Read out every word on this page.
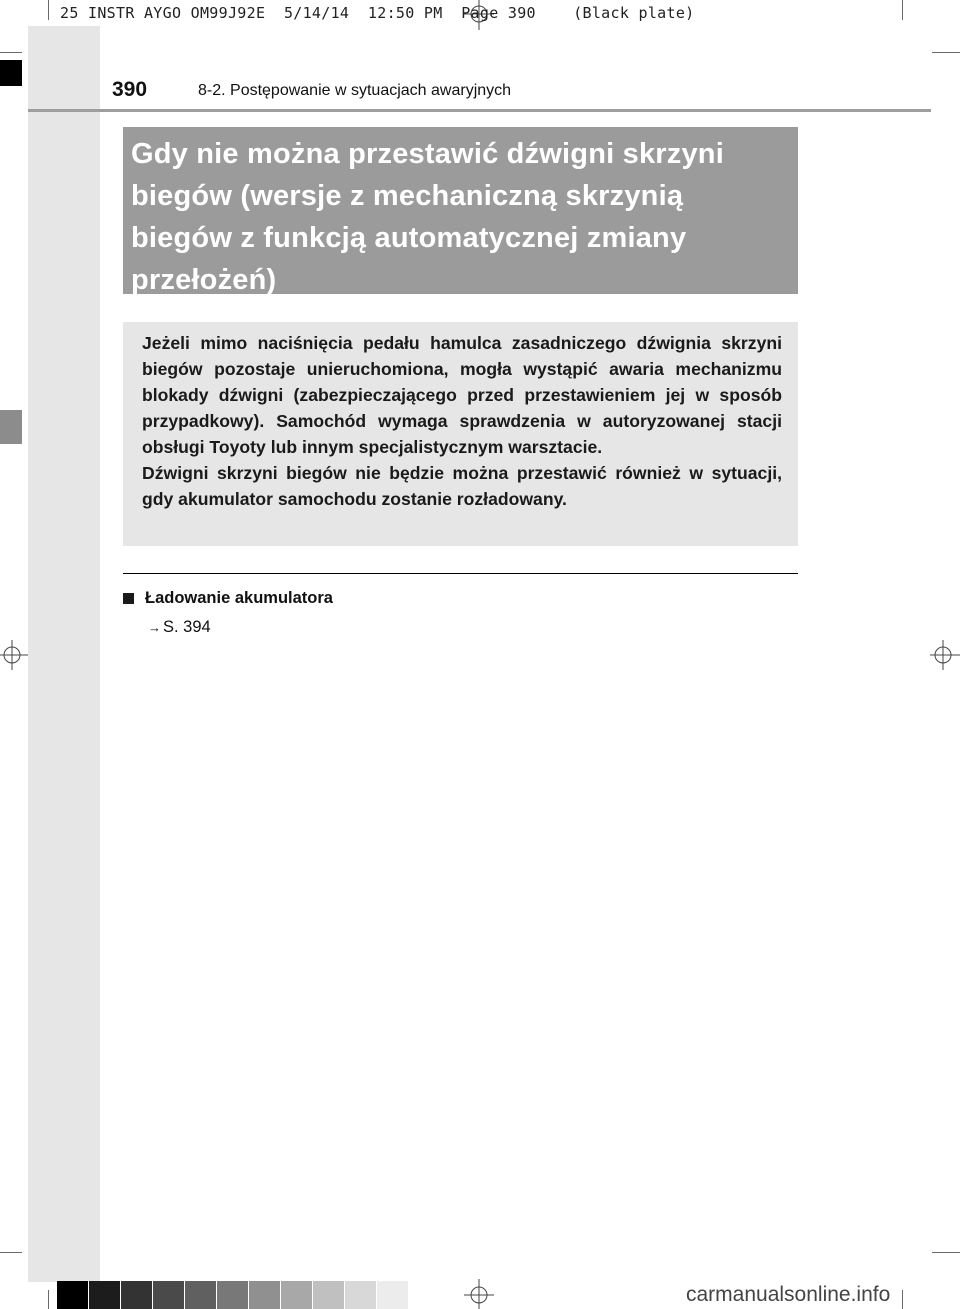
25 INSTR AYGO OM99J92E  5/14/14  12:50 PM  Page 390    (Black plate)
390	8-2. Postępowanie w sytuacjach awaryjnych
Gdy nie można przestawić dźwigni skrzyni
biegów (wersje z mechaniczną skrzynią
biegów z funkcją automatycznej zmiany
przełożeń)

Jeżeli mimo naciśnięcia pedału hamulca zasadniczego dźwignia skrzyni biegów pozostaje unieruchomiona, mogła wystąpić awaria mechanizmu blokady dźwigni (zabezpieczającego przed przestawieniem jej w sposób przypadkowy). Samochód wymaga sprawdzenia w autoryzowanej stacji obsługi Toyoty lub innym specjalistycznym warsztacie.

Dźwigni skrzyni biegów nie będzie można przestawić również w sytuacji, gdy akumulator samochodu zostanie rozładowany.

Ładowanie akumulatora
→ S. 394
carmanualsonline.info
